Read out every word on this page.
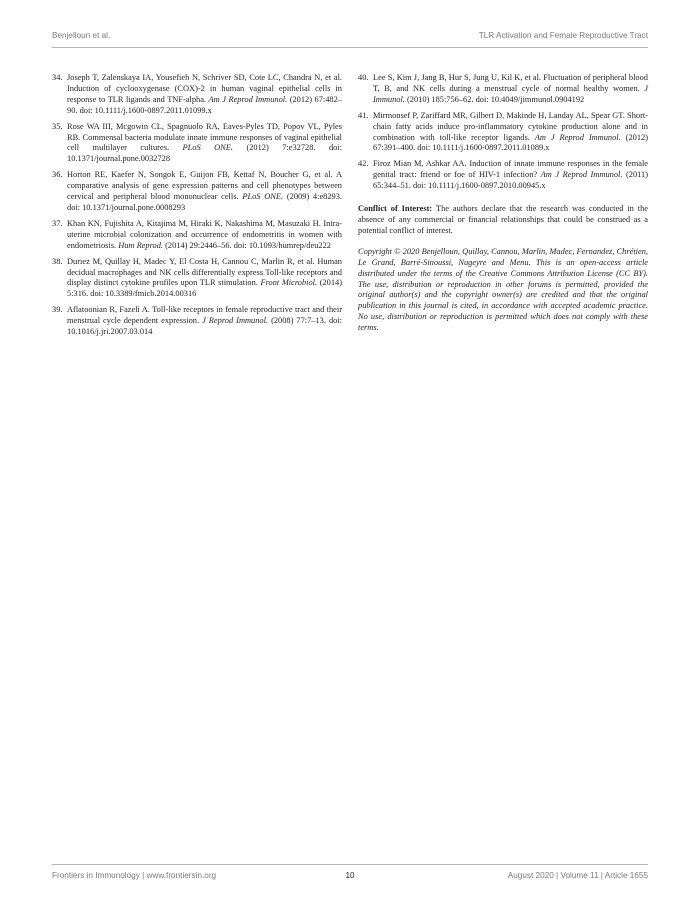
Benjelloun et al.	TLR Activation and Female Reproductive Tract
34. Joseph T, Zalenskaya IA, Yousefieh N, Schriver SD, Cote LC, Chandra N, et al. Induction of cyclooxygenase (COX)-2 in human vaginal epithelial cells in response to TLR ligands and TNF-alpha. Am J Reprod Immunol. (2012) 67:482–90. doi: 10.1111/j.1600-0897.2011.01099.x
35. Rose WA III, Mcgowin CL, Spagnuolo RA, Eaves-Pyles TD, Popov VL, Pyles RB. Commensal bacteria modulate innate immune responses of vaginal epithelial cell multilayer cultures. PLoS ONE. (2012) 7:e32728. doi: 10.1371/journal.pone.0032728
36. Horton RE, Kaefer N, Songok E, Guijon FB, Kettaf N, Boucher G, et al. A comparative analysis of gene expression patterns and cell phenotypes between cervical and peripheral blood mononuclear cells. PLoS ONE. (2009) 4:e8293. doi: 10.1371/journal.pone.0008293
37. Khan KN, Fujishita A, Kitajima M, Hiraki K, Nakashima M, Masuzaki H. Intra-uterine microbial colonization and occurrence of endometritis in women with endometriosis. Hum Reprod. (2014) 29:2446–56. doi: 10.1093/humrep/deu222
38. Duriez M, Quillay H, Madec Y, El Costa H, Cannou C, Marlin R, et al. Human decidual macrophages and NK cells differentially express Toll-like receptors and display distinct cytokine profiles upon TLR stimulation. Front Microbiol. (2014) 5:316. doi: 10.3389/fmicb.2014.00316
39. Aflatoonian R, Fazeli A. Toll-like receptors in female reproductive tract and their menstrual cycle dependent expression. J Reprod Immunol. (2008) 77:7–13. doi: 10.1016/j.jri.2007.03.014
40. Lee S, Kim J, Jang B, Hur S, Jung U, Kil K, et al. Fluctuation of peripheral blood T, B, and NK cells during a menstrual cycle of normal healthy women. J Immunol. (2010) 185:756–62. doi: 10.4049/jimmunol.0904192
41. Mirmonsef P, Zariffard MR, Gilbert D, Makinde H, Landay AL, Spear GT. Short-chain fatty acids induce pro-inflammatory cytokine production alone and in combination with toll-like receptor ligands. Am J Reprod Immunol. (2012) 67:391–400. doi: 10.1111/j.1600-0897.2011.01089.x
42. Firoz Mian M, Ashkar AA. Induction of innate immune responses in the female genital tract: friend or foe of HIV-1 infection? Am J Reprod Immunol. (2011) 65:344–51. doi: 10.1111/j.1600-0897.2010.00945.x

Conflict of Interest: The authors declare that the research was conducted in the absence of any commercial or financial relationships that could be construed as a potential conflict of interest.

Copyright © 2020 Benjelloun, Quillay, Cannou, Marlin, Madec, Fernandez, Chrétien, Le Grand, Barré-Sinoussi, Nugeyre and Menu. This is an open-access article distributed under the terms of the Creative Commons Attribution License (CC BY). The use, distribution or reproduction in other forums is permitted, provided the original author(s) and the copyright owner(s) are credited and that the original publication in this journal is cited, in accordance with accepted academic practice. No use, distribution or reproduction is permitted which does not comply with these terms.

Frontiers in Immunology | www.frontiersin.org	10	August 2020 | Volume 11 | Article 1655
